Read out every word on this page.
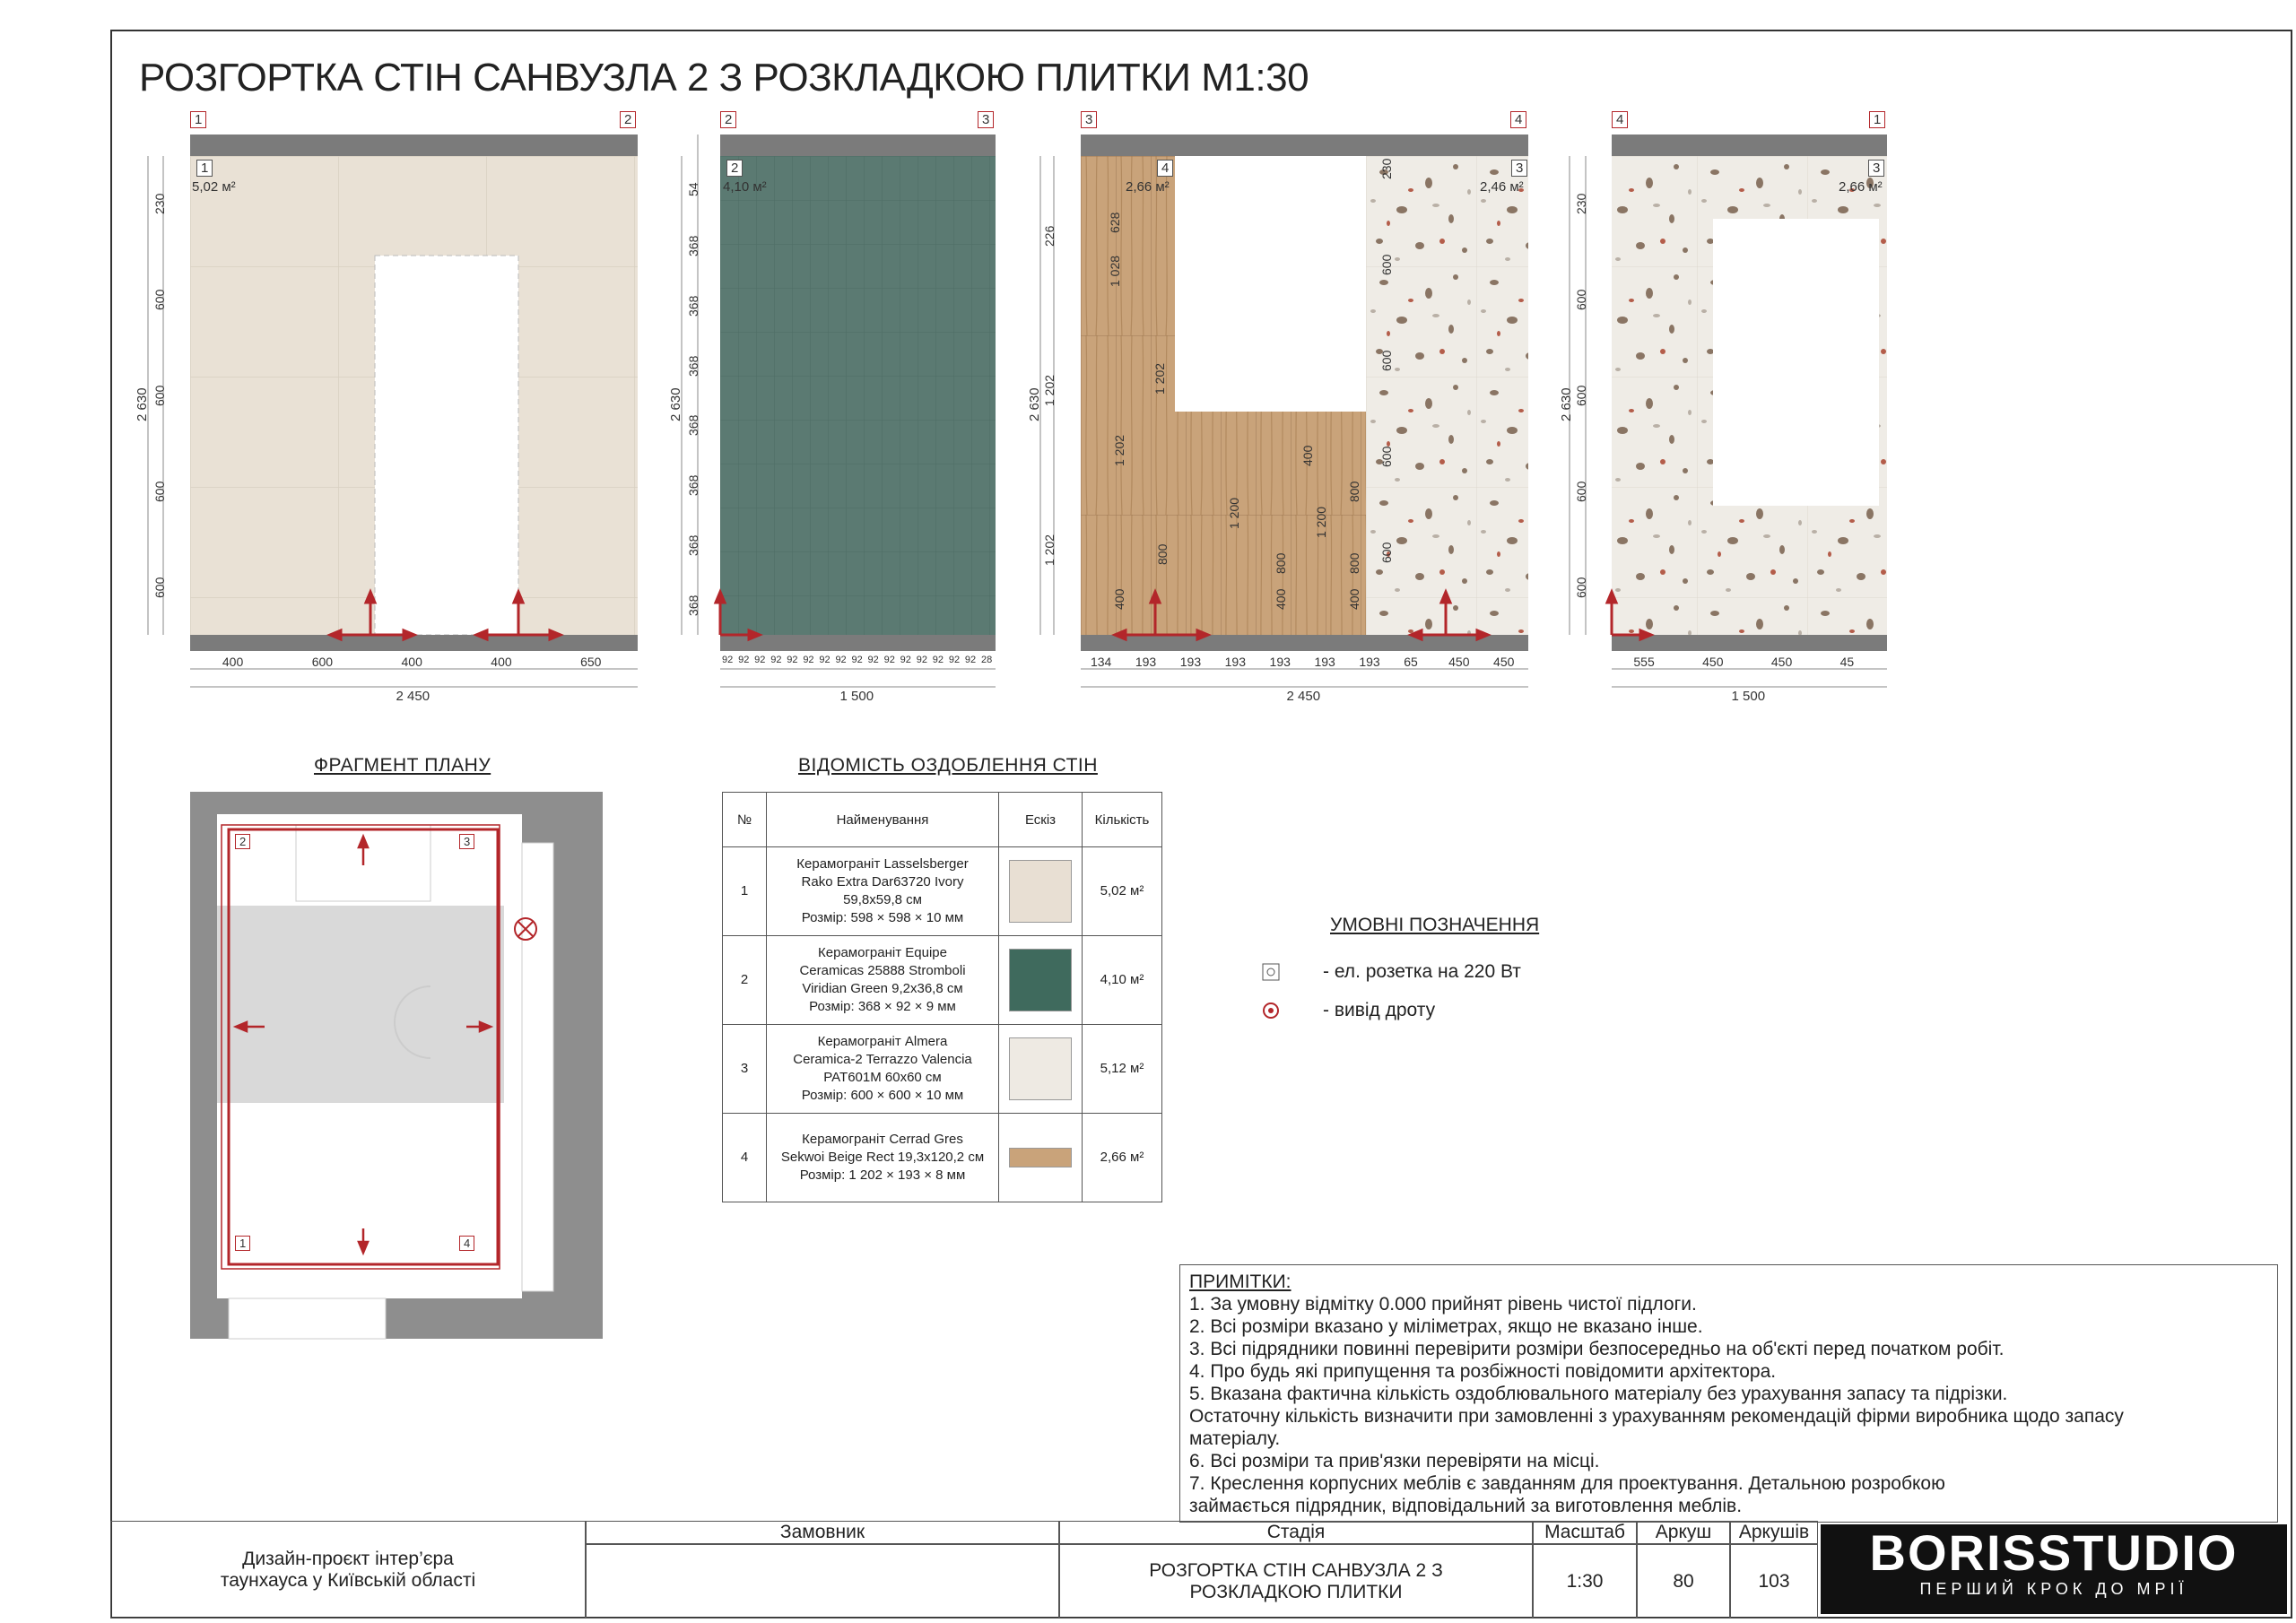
РОЗГОРТКА СТІН САНВУЗЛА 2 З РОЗКЛАДКОЮ ПЛИТКИ М1:30
1	2
2 630
2 450
230
600
600
600
600
400	600	400	400	650
2	3
2 630
1 500
54
368
368
368
368
368
368
368
92 92 92 92 92 92 92 92 92 92 92 92 92 92 92 92 28
3	4
2 630
2 450
226
1 202
1 202
134 193 193 193 193 193 193 65 450 450
4	1
2 630
1 500
230
600
600
600
600
555	450	450	45
5,02 м²
1
4,10 м²
2
2,66 м²
4
2,46 м²
3
2,66 м²
3
628
1 028
1 202
1 202
800
400
1 200
800
400
400
800
1 200
800
400
230
600
600
600
600
2	3
1	4
ФРАГМЕНТ ПЛАНУ	ВІДОМІСТЬ ОЗДОБЛЕННЯ СТІН
№	Найменування	Ескіз	Кількість
1	Керамограніт Lasselsberger
Rako Extra Dar63720 Ivory
59,8x59,8 см
Розмір: 598 × 598 × 10 мм		5,02 м²
2	Керамограніт Equipe
Ceramicas 25888 Stromboli
Viridian Green 9,2x36,8 см
Розмір: 368 × 92 × 9 мм		4,10 м²
3	Керамограніт Almera
Ceramica-2 Terrazzo Valencia
PAT601M 60x60 см
Розмір: 600 × 600 × 10 мм		5,12 м²
4	Керамограніт Cerrad Gres
Sekwoi Beige Rect 19,3x120,2 см
Розмір: 1 202 × 193 × 8 мм		2,66 м²
УМОВНІ ПОЗНАЧЕННЯ
- ел. розетка на 220 Вт
- вивід дроту
ПРИМІТКИ:
1. За умовну відмітку 0.000 прийнят рівень чистої підлоги.
2. Всі розміри вказано у міліметрах, якщо не вказано інше.
3. Всі підрядники повинні перевірити розміри безпосередньо на об'єкті перед початком робіт.
4. Про будь які припущення та розбіжності повідомити архітектора.
5. Вказана фактична кількість оздоблювального матеріалу без урахування запасу та підрізки.
Остаточну кількість визначити при замовленні з урахуванням рекомендацій фірми виробника щодо запасу
матеріалу.
6. Всі розміри та прив'язки перевіряти на місці.
7. Креслення корпусних меблів є завданням для проектування. Детальною розробкою
займається підрядник, відповідальний за виготовлення меблів.
Дизайн-проєкт інтер’єра таунхауса у Київській області
Замовник	Стадія
РОЗГОРТКА СТІН САНВУЗЛА 2 З РОЗКЛАДКОЮ ПЛИТКИ
Масштаб	Аркуш	Аркушів
1:30	80	103	BORISSTUDIO
ПЕРШИЙ КРОК ДО МРІЇ
